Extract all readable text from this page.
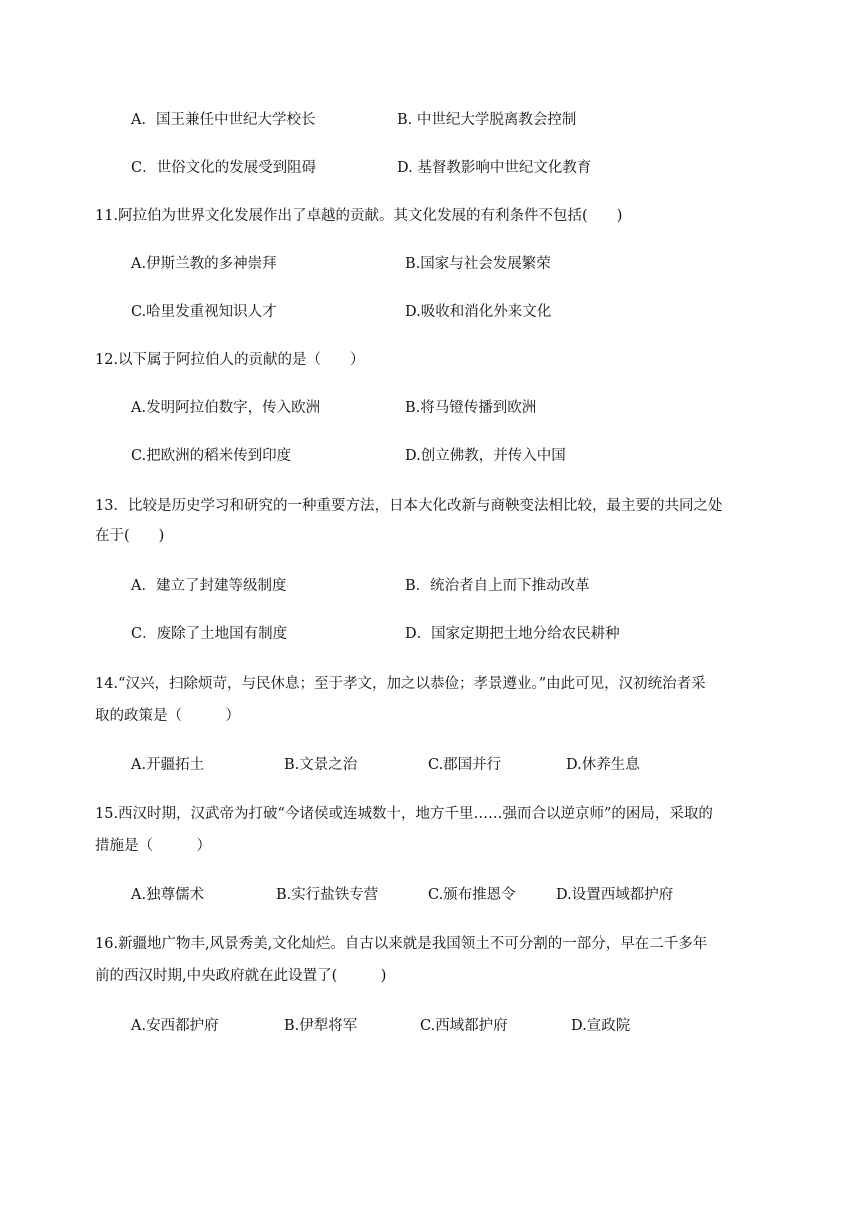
A．国王兼任中世纪大学校长	B. 中世纪大学脱离教会控制
C．世俗文化的发展受到阻碍	D. 基督教影响中世纪文化教育
11.阿拉伯为世界文化发展作出了卓越的贡献。其文化发展的有利条件不包括(　　)
A.伊斯兰教的多神崇拜	B.国家与社会发展繁荣
C.哈里发重视知识人才	D.吸收和消化外来文化
12.以下属于阿拉伯人的贡献的是（　　）
A.发明阿拉伯数字，传入欧洲	B.将马镫传播到欧洲
C.把欧洲的稻米传到印度	D.创立佛教，并传入中国
13．比较是历史学习和研究的一种重要方法，日本大化改新与商鞅变法相比较，最主要的共同之处
在于(　　)
A．建立了封建等级制度	B．统治者自上而下推动改革
C．废除了土地国有制度	D．国家定期把土地分给农民耕种
14.“汉兴，扫除烦苛，与民休息；至于孝文，加之以恭俭；孝景遵业。”由此可见，汉初统治者采
取的政策是（　　　）
A.开疆拓土	B.文景之治	C.郡国并行	D.休养生息
15.西汉时期，汉武帝为打破“今诸侯或连城数十，地方千里……强而合以逆京师”的困局，采取的
措施是（　　　）
A.独尊儒术	B.实行盐铁专营	C.颁布推恩令	D.设置西域都护府
16.新疆地广物丰,风景秀美,文化灿烂。自古以来就是我国领土不可分割的一部分，早在二千多年
前的西汉时期,中央政府就在此设置了(　　　)
A.安西都护府	B.伊犁将军	C.西域都护府	D.宣政院
